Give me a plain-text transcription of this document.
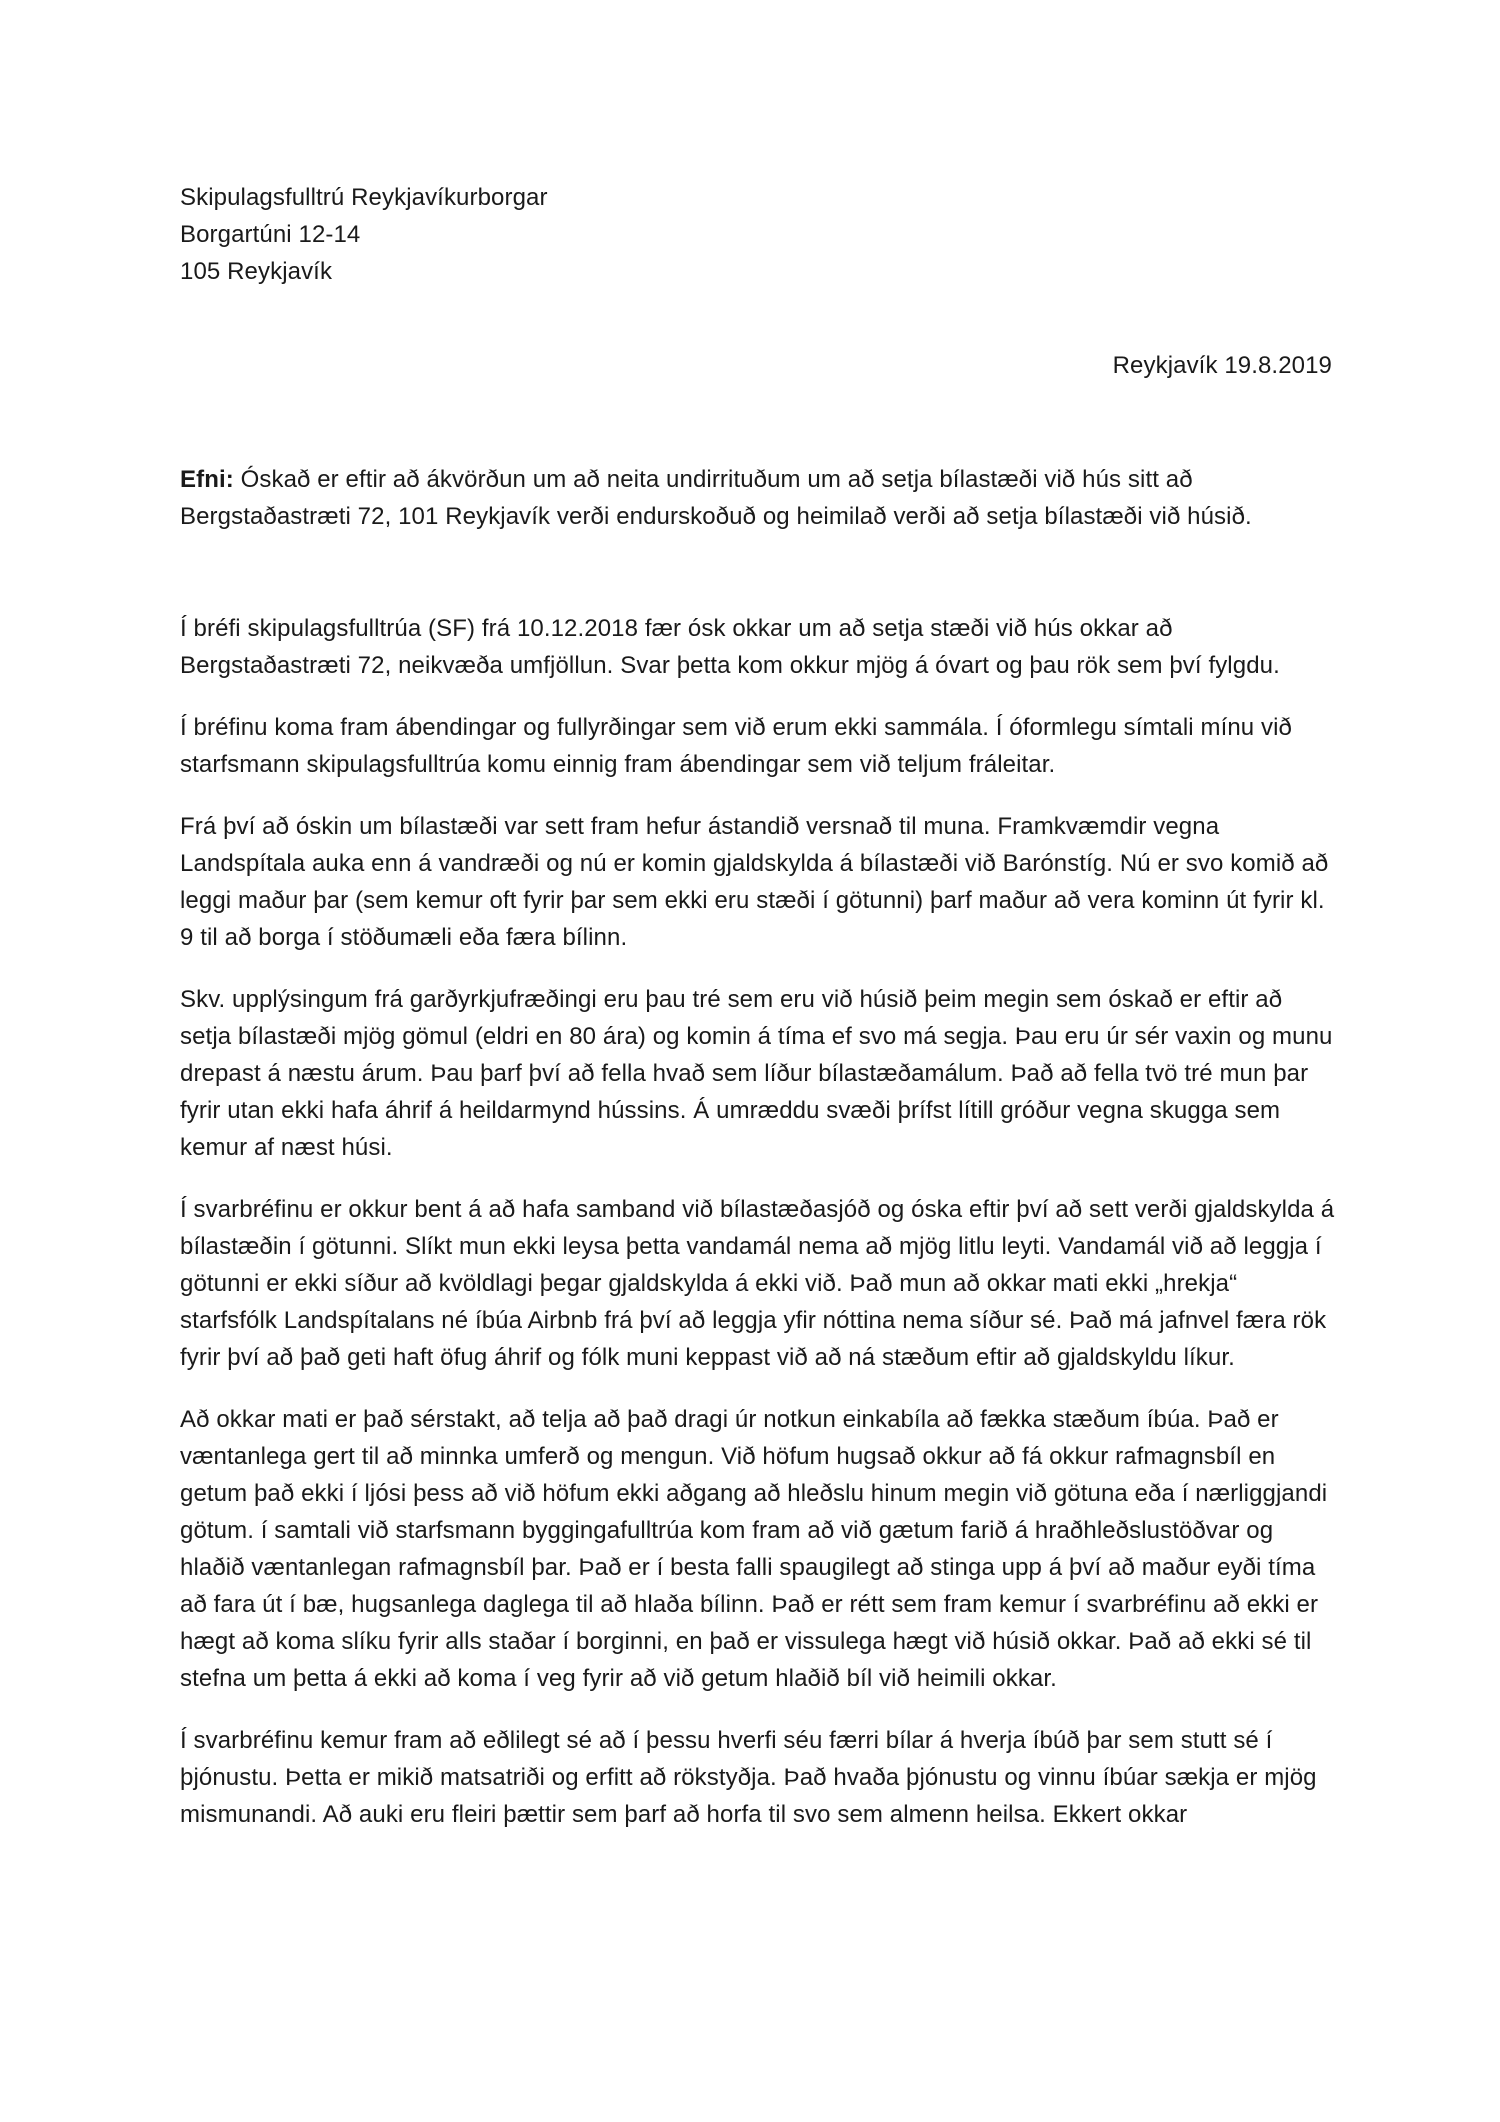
Skipulagsfulltrú Reykjavíkurborgar
Borgartúni 12-14
105 Reykjavík
Reykjavík 19.8.2019
Efni: Óskað er eftir að ákvörðun um að neita undirrituðum um að setja bílastæði við hús sitt að Bergstaðastræti 72, 101 Reykjavík verði endurskoðuð og heimilað verði að setja bílastæði við húsið.

Í bréfi skipulagsfulltrúa (SF) frá 10.12.2018 fær ósk okkar um að setja stæði við hús okkar að Bergstaðastræti 72, neikvæða umfjöllun. Svar þetta kom okkur mjög á óvart og þau rök sem því fylgdu.

Í bréfinu koma fram ábendingar og fullyrðingar sem við erum ekki sammála. Í óformlegu símtali mínu við starfsmann skipulagsfulltrúa komu einnig fram ábendingar sem við teljum fráleitar.

Frá því að óskin um bílastæði var sett fram hefur ástandið versnað til muna. Framkvæmdir vegna Landspítala auka enn á vandræði og nú er komin gjaldskylda á bílastæði við Barónstíg. Nú er svo komið að leggi maður þar (sem kemur oft fyrir þar sem ekki eru stæði í götunni) þarf maður að vera kominn út fyrir kl. 9 til að borga í stöðumæli eða færa bílinn.

Skv. upplýsingum frá garðyrkjufræðingi eru þau tré sem eru við húsið þeim megin sem óskað er eftir að setja bílastæði mjög gömul (eldri en 80 ára) og komin á tíma ef svo má segja. Þau eru úr sér vaxin og munu drepast á næstu árum. Þau þarf því að fella hvað sem líður bílastæðamálum. Það að fella tvö tré mun þar fyrir utan ekki hafa áhrif á heildarmynd hússins. Á umræddu svæði þrífst lítill gróður vegna skugga sem kemur af næst húsi.

Í svarbréfinu er okkur bent á að hafa samband við bílastæðasjóð og óska eftir því að sett verði gjaldskylda á bílastæðin í götunni. Slíkt mun ekki leysa þetta vandamál nema að mjög litlu leyti. Vandamál við að leggja í götunni er ekki síður að kvöldlagi þegar gjaldskylda á ekki við. Það mun að okkar mati ekki „hrekja“ starfsfólk Landspítalans né íbúa Airbnb frá því að leggja yfir nóttina nema síður sé. Það má jafnvel færa rök fyrir því að það geti haft öfug áhrif og fólk muni keppast við að ná stæðum eftir að gjaldskyldu líkur.

Að okkar mati er það sérstakt, að telja að það dragi úr notkun einkabíla að fækka stæðum íbúa. Það er væntanlega gert til að minnka umferð og mengun. Við höfum hugsað okkur að fá okkur rafmagnsbíl en getum það ekki í ljósi þess að við höfum ekki aðgang að hleðslu hinum megin við götuna eða í nærliggjandi götum. í samtali við starfsmann byggingafulltrúa kom fram að við gætum farið á hraðhleðslustöðvar og hlaðið væntanlegan rafmagnsbíl þar. Það er í besta falli spaugilegt að stinga upp á því að maður eyði tíma að fara út í bæ, hugsanlega daglega til að hlaða bílinn. Það er rétt sem fram kemur í svarbréfinu að ekki er hægt að koma slíku fyrir alls staðar í borginni, en það er vissulega hægt við húsið okkar. Það að ekki sé til stefna um þetta á ekki að koma í veg fyrir að við getum hlaðið bíl við heimili okkar.

Í svarbréfinu kemur fram að eðlilegt sé að í þessu hverfi séu færri bílar á hverja íbúð þar sem stutt sé í þjónustu. Þetta er mikið matsatriði og erfitt að rökstyðja. Það hvaða þjónustu og vinnu íbúar sækja er mjög mismunandi. Að auki eru fleiri þættir sem þarf að horfa til svo sem almenn heilsa. Ekkert okkar
